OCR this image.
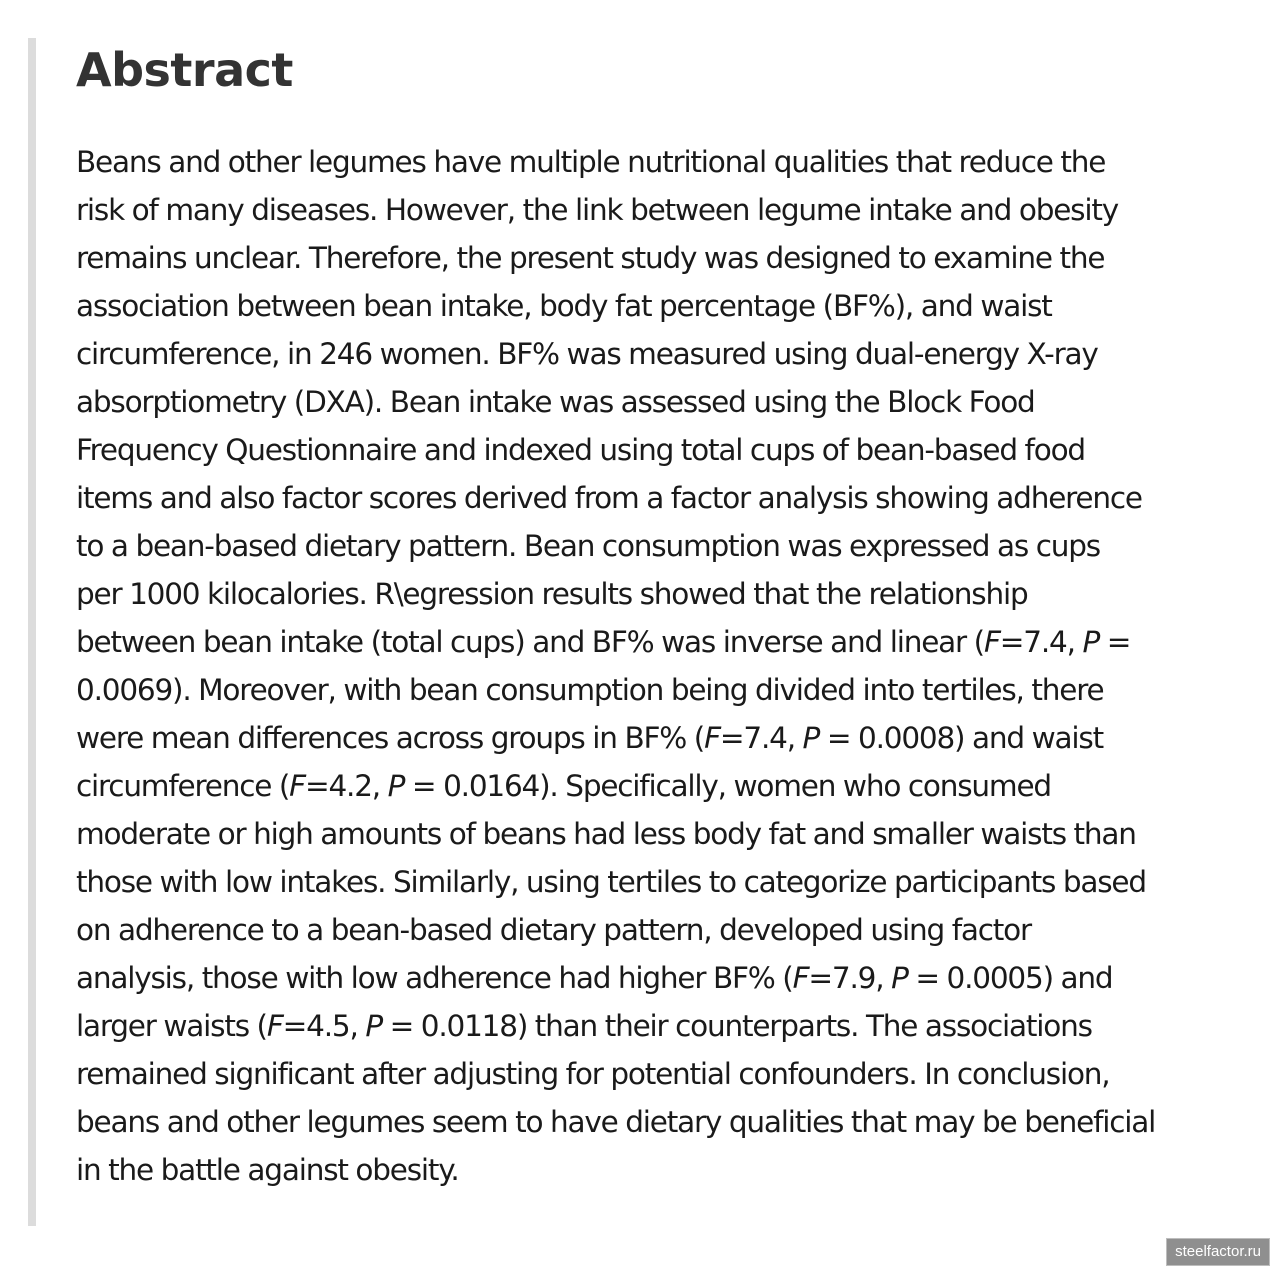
Abstract

Beans and other legumes have multiple nutritional qualities that reduce the
risk of many diseases. However, the link between legume intake and obesity
remains unclear. Therefore, the present study was designed to examine the
association between bean intake, body fat percentage (BF%), and waist
circumference, in 246 women. BF% was measured using dual-energy X-ray
absorptiometry (DXA). Bean intake was assessed using the Block Food
Frequency Questionnaire and indexed using total cups of bean-based food
items and also factor scores derived from a factor analysis showing adherence
to a bean-based dietary pattern. Bean consumption was expressed as cups
per 1000 kilocalories. R\egression results showed that the relationship
between bean intake (total cups) and BF% was inverse and linear (F=7.4, P =
0.0069). Moreover, with bean consumption being divided into tertiles, there
were mean differences across groups in BF% (F=7.4, P = 0.0008) and waist
circumference (F=4.2, P = 0.0164). Specifically, women who consumed
moderate or high amounts of beans had less body fat and smaller waists than
those with low intakes. Similarly, using tertiles to categorize participants based
on adherence to a bean-based dietary pattern, developed using factor
analysis, those with low adherence had higher BF% (F=7.9, P = 0.0005) and
larger waists (F=4.5, P = 0.0118) than their counterparts. The associations
remained significant after adjusting for potential confounders. In conclusion,
beans and other legumes seem to have dietary qualities that may be beneficial
in the battle against obesity.

steelfactor.ru
